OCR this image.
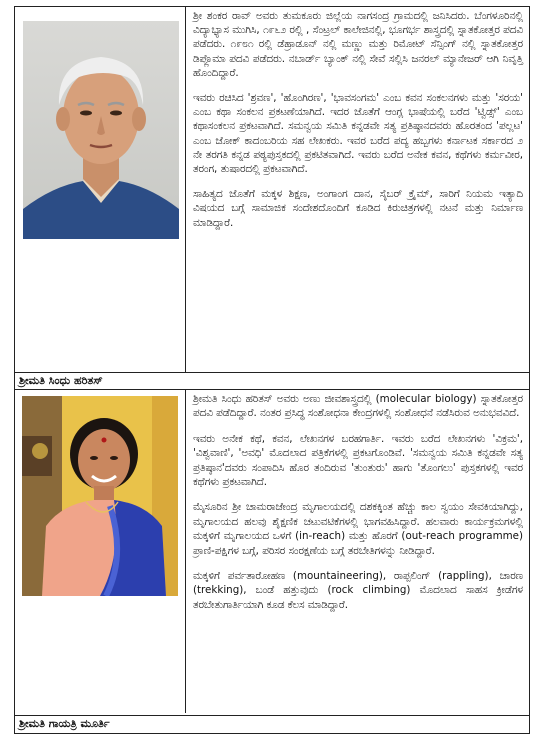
ಶ್ರೀ ಶಂಕರ ರಾವ್ ಅವರು ತುಮಕೂರು ಜಿಲ್ಲೆಯ ನಾಗಸಂದ್ರ ಗ್ರಾಮದಲ್ಲಿ ಜನಿಸಿದರು. ಬೆಂಗಳೂರಿನಲ್ಲಿ ವಿದ್ಯಾಭ್ಯಾಸ ಮುಗಿಸಿ, ೧೯೬೨ ರಲ್ಲಿ , ಸೆಂಟ್ರಲ್ ಕಾಲೇಜಿನಲ್ಲಿ, ಭೂಗರ್ಭ ಶಾಸ್ತ್ರದಲ್ಲಿ ಸ್ನಾತಕೋತ್ತರ ಪದವಿ ಪಡೆದರು. ೧೯೮೧ ರಲ್ಲಿ ಡೆಹ್ರಾಡೂನ್ ನಲ್ಲಿ ಮಣ್ಣು ಮತ್ತು ರಿಮೋಟ್ ಸೆನ್ಸಿಂಗ್ ನಲ್ಲಿ ಸ್ನಾತಕೋತ್ತರ ಡಿಪ್ಲೊಮಾ ಪದವಿ ಪಡೆದರು. ನಬಾರ್ಡ್ ಬ್ಯಾಂಕ್ ನಲ್ಲಿ ಸೇವೆ ಸಲ್ಲಿಸಿ ಜನರಲ್ ಮ್ಯಾನೇಜರ್ ಆಗಿ ನಿವೃತ್ತಿ ಹೊಂದಿದ್ದಾರೆ.

ಇವರು ರಚಿಸಿದ 'ಶ್ರವಣ', 'ಹೊಂಗಿರಣ', 'ಭಾವಸಂಗಮ' ಎಂಬ ಕವನ ಸಂಕಲನಗಳು ಮತ್ತು 'ಸರಯ' ಎಂಬ ಕಥಾ ಸಂಕಲನ ಪ್ರಕಟಣೆಯಾಗಿದೆ. ಇದರ ಜೊತೆಗೆ ಆಂಗ್ಲ ಭಾಷೆಯಲ್ಲಿ ಬರೆದ 'ಟ್ವಿಡ್ಸ್' ಎಂಬ ಕಥಾಸಂಕಲನ ಪ್ರಕಟವಾಗಿದೆ. ಸಮನ್ವಯ ಸಮಿತಿ ಕನ್ನಡವೇ ಸತ್ಯ ಪ್ರತಿಷ್ಠಾನದವರು ಹೊರತಂದ 'ಪಲ್ಲಟ' ಎಂಬ ಜೋಕ್ ಕಾದಂಬರಿಯ ಸಹ ಲೇಖಕರು. ಇವರ ಬರೆದ ಪದ್ಯ ಹಬ್ಬಗಳು ಕರ್ನಾಟಕ ಸರ್ಕಾರದ ೨ ನೇ ತರಗತಿ ಕನ್ನಡ ಪಠ್ಯಪುಸ್ತಕದಲ್ಲಿ ಪ್ರಕಟಿತವಾಗಿದೆ. ಇವರು ಬರೆದ ಅನೇಕ ಕವನ, ಕಥೆಗಳು ಕರ್ಮವೀರ, ತರಂಗ, ತುಷಾರದಲ್ಲಿ ಪ್ರಕಟವಾಗಿದೆ.

ಸಾಹಿತ್ಯದ ಜೊತೆಗೆ ಮಕ್ಕಳ ಶಿಕ್ಷಣ, ಅಂಗಾಂಗ ದಾನ, ಸೈಬರ್ ಕ್ರೈಮ್, ಸಾರಿಗೆ ನಿಯಮ ಇತ್ಯಾದಿ ವಿಷಯದ ಬಗ್ಗೆ ಸಾಮಾಜಿಕ ಸಂದೇಶದೊಂದಿಗೆ ಕೂಡಿದ ಕಿರುಚಿತ್ರಗಳಲ್ಲಿ ನಟನೆ ಮತ್ತು ನಿರ್ಮಾಣ ಮಾಡಿದ್ದಾರೆ.

ಶ್ರೀಮತಿ ಸಿಂಧು ಹರಿತಸ್

ಶ್ರೀಮತಿ ಸಿಂಧು ಹರಿತಸ್ ಅವರು ಅಣು ಜೀವಶಾಸ್ತ್ರದಲ್ಲಿ (molecular biology) ಸ್ನಾತಕೋತ್ತರ ಪದವಿ ಪಡೆದಿದ್ದಾರೆ. ನಂತರ ಪ್ರಸಿದ್ಧ ಸಂಶೋಧನಾ ಕೇಂದ್ರಗಳಲ್ಲಿ ಸಂಶೋಧನೆ ನಡೆಸಿರುವ ಅನುಭವವಿದೆ.

ಇವರು ಅನೇಕ ಕಥೆ, ಕವನ, ಲೇಖನಗಳ ಬರಹಗಾರ್ತಿ. ಇವರು ಬರೆದ ಲೇಖನಗಳು 'ವಿಕ್ರಮ', 'ವಿಶ್ವವಾಣಿ', 'ಅವಧಿ' ಮೊದಲಾದ ಪತ್ರಿಕೆಗಳಲ್ಲಿ ಪ್ರಕಟಗೊಂಡಿವೆ. 'ಸಮನ್ವಯ ಸಮಿತಿ ಕನ್ನಡವೇ ಸತ್ಯ ಪ್ರತಿಷ್ಠಾನ'ದವರು ಸಂಪಾದಿಸಿ ಹೊರ ತಂದಿರುವ 'ತುಂತುರು' ಹಾಗು 'ತೊಂಗಲು' ಪುಸ್ತಕಗಳಲ್ಲಿ ಇವರ ಕಥೆಗಳು ಪ್ರಕಟವಾಗಿದೆ.

ಮೈಸೂರಿನ ಶ್ರೀ ಚಾಮರಾಜೇಂದ್ರ ಮೃಗಾಲಯದಲ್ಲಿ ದಶಕಕ್ಕಿಂತ ಹೆಚ್ಚು ಕಾಲ ಸ್ವಯಂ ಸೇವಕಿಯಾಗಿದ್ದು, ಮೃಗಾಲಯದ ಹಲವು ಶೈಕ್ಷಣಿಕ ಚಟುವಟಿಕೆಗಳಲ್ಲಿ ಭಾಗವಹಿಸಿದ್ದಾರೆ. ಹಲವಾರು ಕಾರ್ಯಕ್ರಮಗಳಲ್ಲಿ ಮಕ್ಕಳಿಗೆ ಮೃಗಾಲಯದ ಒಳಗೆ (in-reach) ಮತ್ತು ಹೊರಗೆ (out-reach programme) ಪ್ರಾಣಿ-ಪಕ್ಷಿಗಳ ಬಗ್ಗೆ, ಪರಿಸರ ಸಂರಕ್ಷಣೆಯ ಬಗ್ಗೆ ತರಬೇತಿಗಳನ್ನು ನೀಡಿದ್ದಾರೆ.

ಮಕ್ಕಳಿಗೆ ಪರ್ವತಾರೋಹಣ (mountaineering), ರಾಪ್ಪಲಿಂಗ್ (rappling), ಚಾರಣ (trekking), ಬಂಡೆ ಹತ್ತುವುದು (rock climbing) ಮೊದಲಾದ ಸಾಹಸ ಕ್ರೀಡೆಗಳ ತರಬೇತುಗಾರ್ತಿಯಾಗಿ ಕೂಡ ಕೆಲಸ ಮಾಡಿದ್ದಾರೆ.

ಶ್ರೀಮತಿ ಗಾಯತ್ರಿ ಮೂರ್ತಿ
